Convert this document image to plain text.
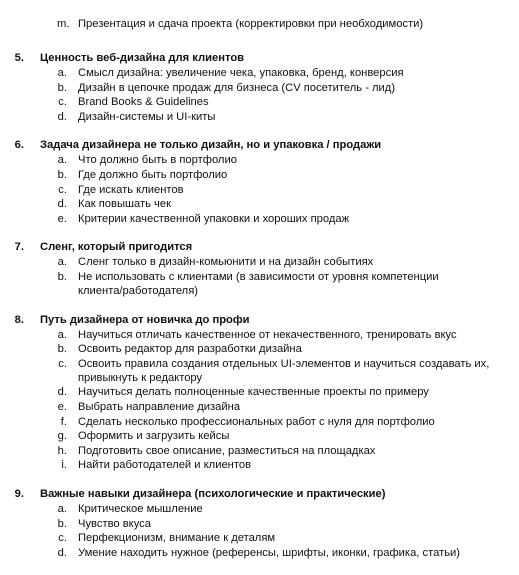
m. Презентация и сдача проекта (корректировки при необходимости)
5. Ценность веб-дизайна для клиентов
a. Смысл дизайна: увеличение чека, упаковка, бренд, конверсия
b. Дизайн в цепочке продаж для бизнеса (CV посетитель - лид)
c. Brand Books & Guidelines
d. Дизайн-системы и UI-киты
6. Задача дизайнера не только дизайн, но и упаковка / продажи
a. Что должно быть в портфолио
b. Где должно быть портфолио
c. Где искать клиентов
d. Как повышать чек
e. Критерии качественной упаковки и хороших продаж
7. Сленг, который пригодится
a. Сленг только в дизайн-комьюнити и на дизайн событиях
b. Не использовать с клиентами (в зависимости от уровня компетенции
клиента/работодателя)
8. Путь дизайнера от новичка до профи
a. Научиться отличать качественное от некачественного, тренировать вкус
b. Освоить редактор для разработки дизайна
c. Освоить правила создания отдельных UI-элементов и научиться создавать их,
привыкнуть к редактору
d. Научиться делать полноценные качественные проекты по примеру
e. Выбрать направление дизайна
f. Сделать несколько профессиональных работ с нуля для портфолио
g. Оформить и загрузить кейсы
h. Подготовить свое описание, разместиться на площадках
i. Найти работодателей и клиентов
9. Важные навыки дизайнера (психологические и практические)
a. Критическое мышление
b. Чувство вкуса
c. Перфекционизм, внимание к деталям
d. Умение находить нужное (референсы, шрифты, иконки, графика, статьи)
